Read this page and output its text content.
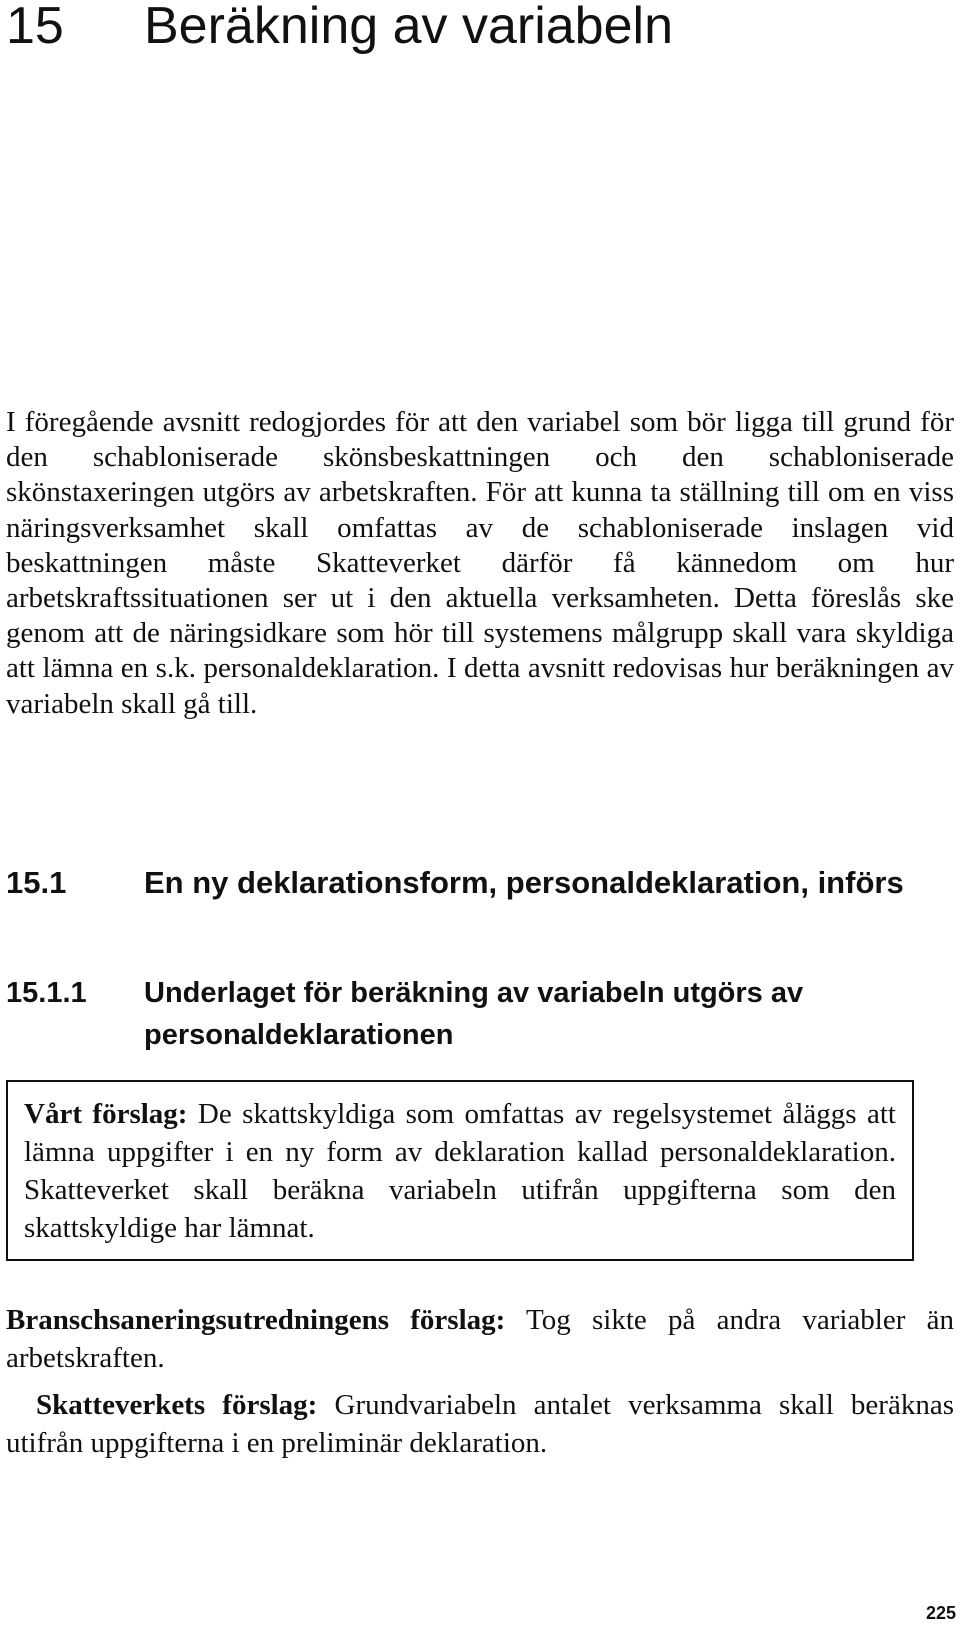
15 Beräkning av variabeln

I föregående avsnitt redogjordes för att den variabel som bör ligga till grund för den schabloniserade skönsbeskattningen och den schabloniserade skönstaxeringen utgörs av arbetskraften. För att kunna ta ställning till om en viss näringsverksamhet skall omfattas av de schabloniserade inslagen vid beskattningen måste Skatteverket därför få kännedom om hur arbetskraftssituationen ser ut i den aktuella verksamheten. Detta föreslås ske genom att de näringsidkare som hör till systemens målgrupp skall vara skyldiga att lämna en s.k. personaldeklaration. I detta avsnitt redovisas hur beräkningen av variabeln skall gå till.

15.1	En ny deklarationsform, personaldeklaration, införs
15.1.1 Underlaget för beräkning av variabeln utgörs av personaldeklarationen

Vårt förslag: De skattskyldiga som omfattas av regelsystemet åläggs att lämna uppgifter i en ny form av deklaration kallad personaldeklaration. Skatteverket skall beräkna variabeln utifrån uppgifterna som den skattskyldige har lämnat.

Branschsaneringsutredningens förslag: Tog sikte på andra variabler än arbetskraften.

Skatteverkets förslag: Grundvariabeln antalet verksamma skall beräknas utifrån uppgifterna i en preliminär deklaration.

225
